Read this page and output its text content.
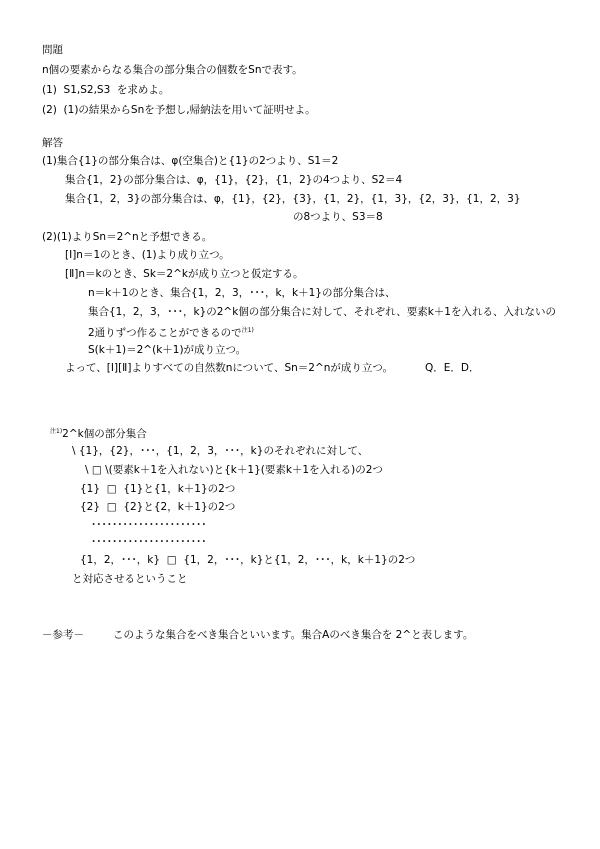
問題
n個の要素からなる集合の部分集合の個数をSnで表す。
(1)  S1,S2,S3  を求めよ。
(2)  (1)の結果からSnを予想し,帰納法を用いて証明せよ。
解答
(1)集合{1}の部分集合は、φ(空集合)と{1}の2つより、S1＝2
集合{1，2}の部分集合は、φ，{1}，{2}，{1，2}の4つより、S2＝4
集合{1，2，3}の部分集合は、φ，{1}，{2}，{3}，{1，2}，{1，3}，{2，3}，{1，2，3}
の8つより、S3＝8
(2)(1)よりSn＝2^nと予想できる。
[Ⅰ]n＝1のとき、(1)より成り立つ。
[Ⅱ]n＝kのとき、Sk＝2^kが成り立つと仮定する。
n＝k＋1のとき、集合{1，2，3，･･･，k，k＋1}の部分集合は、
集合{1，2，3，･･･，k}の2^k個の部分集合に対して、それぞれ、要素k＋1を入れる、入れないの
2通りずつ作ることができるので$^{注1)}$
S(k＋1)＝2^(k＋1)が成り立つ。
よって、[Ⅰ][Ⅱ]よりすべての自然数nについて、Sn＝2^nが成り立つ。	Q．E．D．
$^{注1)}$2^k個の部分集合
\ {1}，{2}，･･･，{1，2，3，･･･，k}のそれぞれに対して、
\ □ \(要素k＋1を入れない)と{k＋1}(要素k＋1を入れる)の2つ
{1}  □  {1}と{1，k＋1}の2つ
{2}  □  {2}と{2，k＋1}の2つ
･･････････････････････
･･････････････････････
{1，2，･･･，k}  □  {1，2，･･･，k}と{1，2，･･･，k，k＋1}の2つ
と対応させるということ
－参考－	このような集合をべき集合といいます。集合Aのべき集合を 2^と表します。
